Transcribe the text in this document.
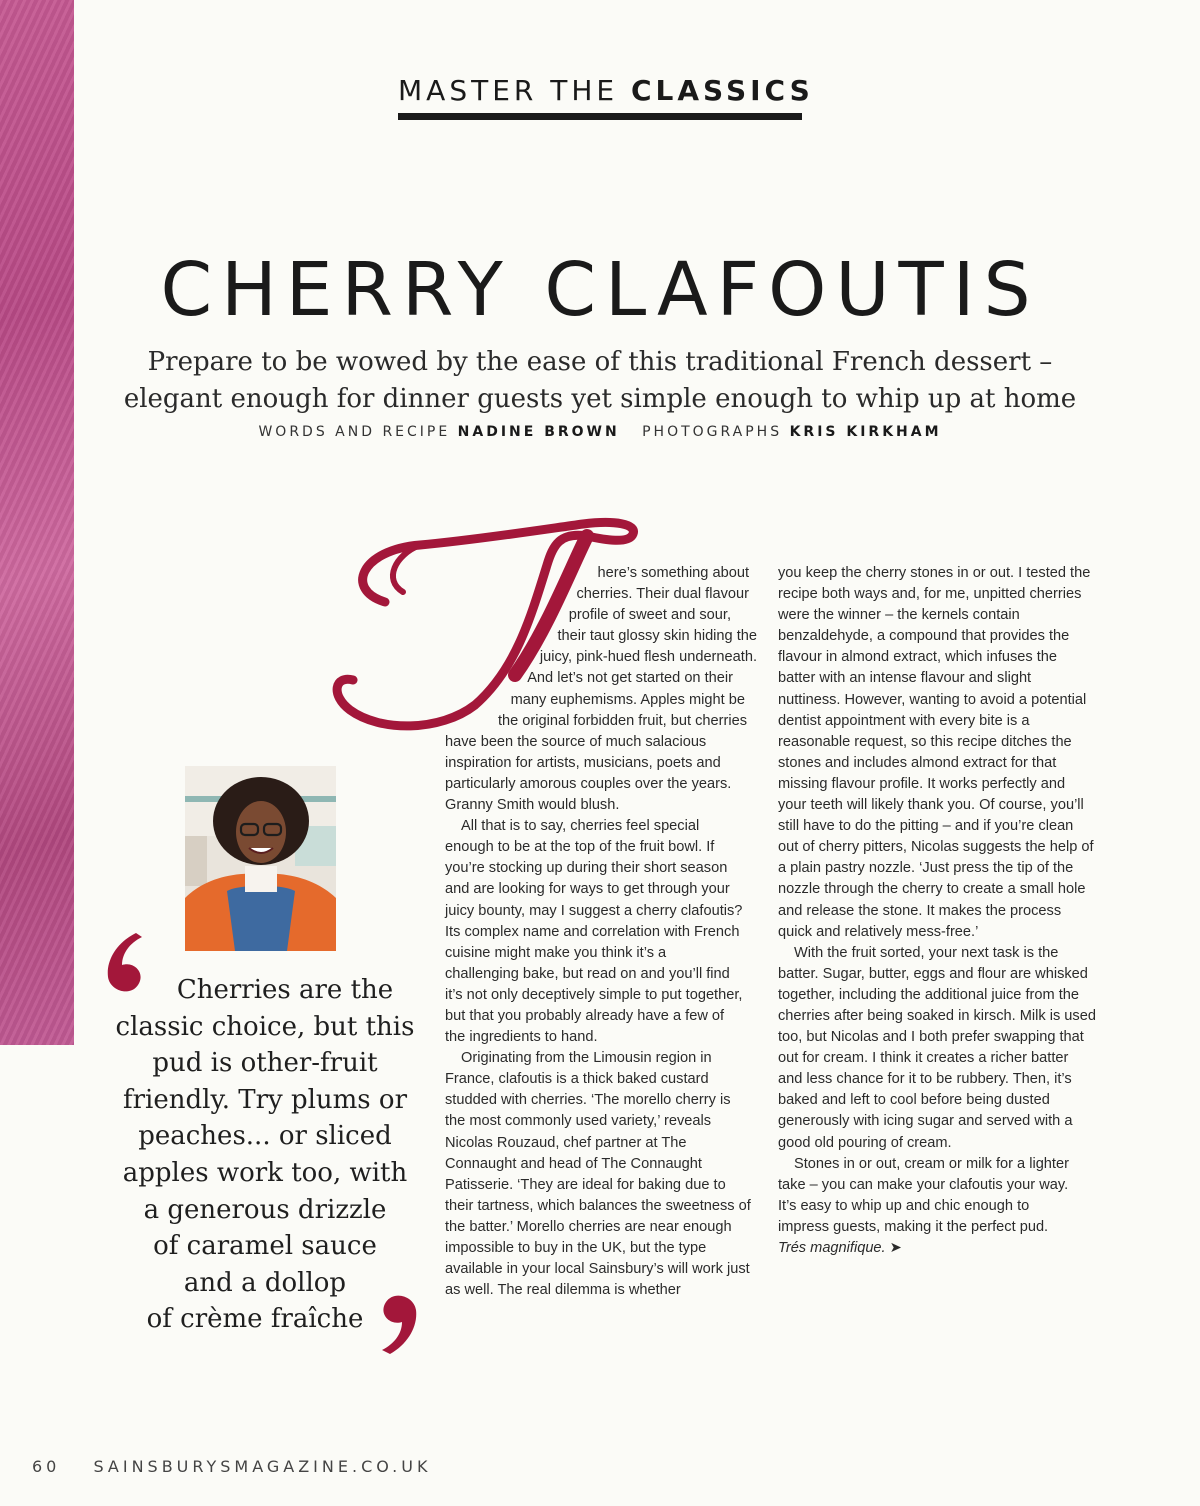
MASTER THE CLASSICS
CHERRY CLAFOUTIS
Prepare to be wowed by the ease of this traditional French dessert –
elegant enough for dinner guests yet simple enough to whip up at home
WORDS AND RECIPE NADINE BROWN PHOTOGRAPHS KRIS KIRKHAM

here’s something about

cherries. Their dual flavour

profile of sweet and sour,

their taut glossy skin hiding the

juicy, pink-hued flesh underneath.

And let’s not get started on their

many euphemisms. Apples might be

the original forbidden fruit, but cherries

have been the source of much salacious inspiration for artists, musicians, poets and particularly amorous couples over the years. Granny Smith would blush.

All that is to say, cherries feel special enough to be at the top of the fruit bowl. If you’re stocking up during their short season and are looking for ways to get through your juicy bounty, may I suggest a cherry clafoutis? Its complex name and correlation with French cuisine might make you think it’s a challenging bake, but read on and you’ll find it’s not only deceptively simple to put together, but that you probably already have a few of the ingredients to hand.

Originating from the Limousin region in France, clafoutis is a thick baked custard studded with cherries. ‘The morello cherry is the most commonly used variety,’ reveals Nicolas Rouzaud, chef partner at The Connaught and head of The Connaught Patisserie. ‘They are ideal for baking due to their tartness, which balances the sweetness of the batter.’ Morello cherries are near enough impossible to buy in the UK, but the type available in your local Sainsbury’s will work just as well. The real dilemma is whether

you keep the cherry stones in or out. I tested the recipe both ways and, for me, unpitted cherries were the winner – the kernels contain benzaldehyde, a compound that provides the flavour in almond extract, which infuses the batter with an intense flavour and slight nuttiness. However, wanting to avoid a potential dentist appointment with every bite is a reasonable request, so this recipe ditches the stones and includes almond extract for that missing flavour profile. It works perfectly and your teeth will likely thank you. Of course, you’ll still have to do the pitting – and if you’re clean out of cherry pitters, Nicolas suggests the help of a plain pastry nozzle. ‘Just press the tip of the nozzle through the cherry to create a small hole and release the stone. It makes the process quick and relatively mess-free.’

With the fruit sorted, your next task is the batter. Sugar, butter, eggs and flour are whisked together, including the additional juice from the cherries after being soaked in kirsch. Milk is used too, but Nicolas and I both prefer swapping that out for cream. I think it creates a richer batter and less chance for it to be rubbery. Then, it’s baked and left to cool before being dusted generously with icing sugar and served with a good old pouring of cream.

Stones in or out, cream or milk for a lighter take – you can make your clafoutis your way. It’s easy to whip up and chic enough to impress guests, making it the perfect pud. Trés magnifique. ➤

Cherries are the
classic choice, but this
pud is other-fruit
friendly. Try plums or
peaches... or sliced
apples work too, with
a generous drizzle
of caramel sauce
and a dollop
of crème fraîche
60 SAINSBURYSMAGAZINE.CO.UK
